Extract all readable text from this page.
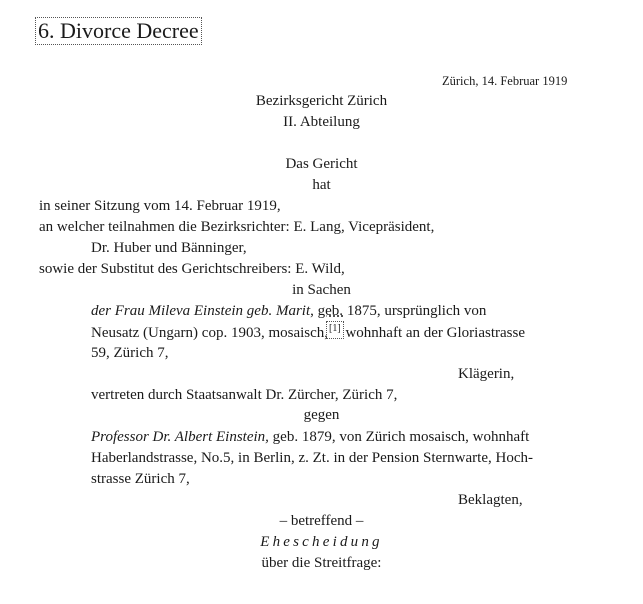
6. Divorce Decree
Zürich, 14. Februar 1919
Bezirksgericht Zürich
II. Abteilung
Das Gericht
hat
in seiner Sitzung vom 14. Februar 1919,
an welcher teilnahmen die Bezirksrichter: E. Lang, Vicepräsident,
Dr. Huber und Bänninger,
sowie der Substitut des Gerichtschreibers: E. Wild,
in Sachen
der Frau Mileva Einstein geb. Marit, geb. 1875, ursprünglich von
Neusatz (Ungarn) cop. 1903, mosaisch,[1] wohnhaft an der Gloriastrasse
59, Zürich 7,
Klägerin,
vertreten durch Staatsanwalt Dr. Zürcher, Zürich 7,
gegen
Professor Dr. Albert Einstein, geb. 1879, von Zürich mosaisch, wohnhaft
Haberlandstrasse, No.5, in Berlin, z. Zt. in der Pension Sternwarte, Hoch-
strasse Zürich 7,
Beklagten,
– betreffend –
Ehescheidung
über die Streitfrage:
